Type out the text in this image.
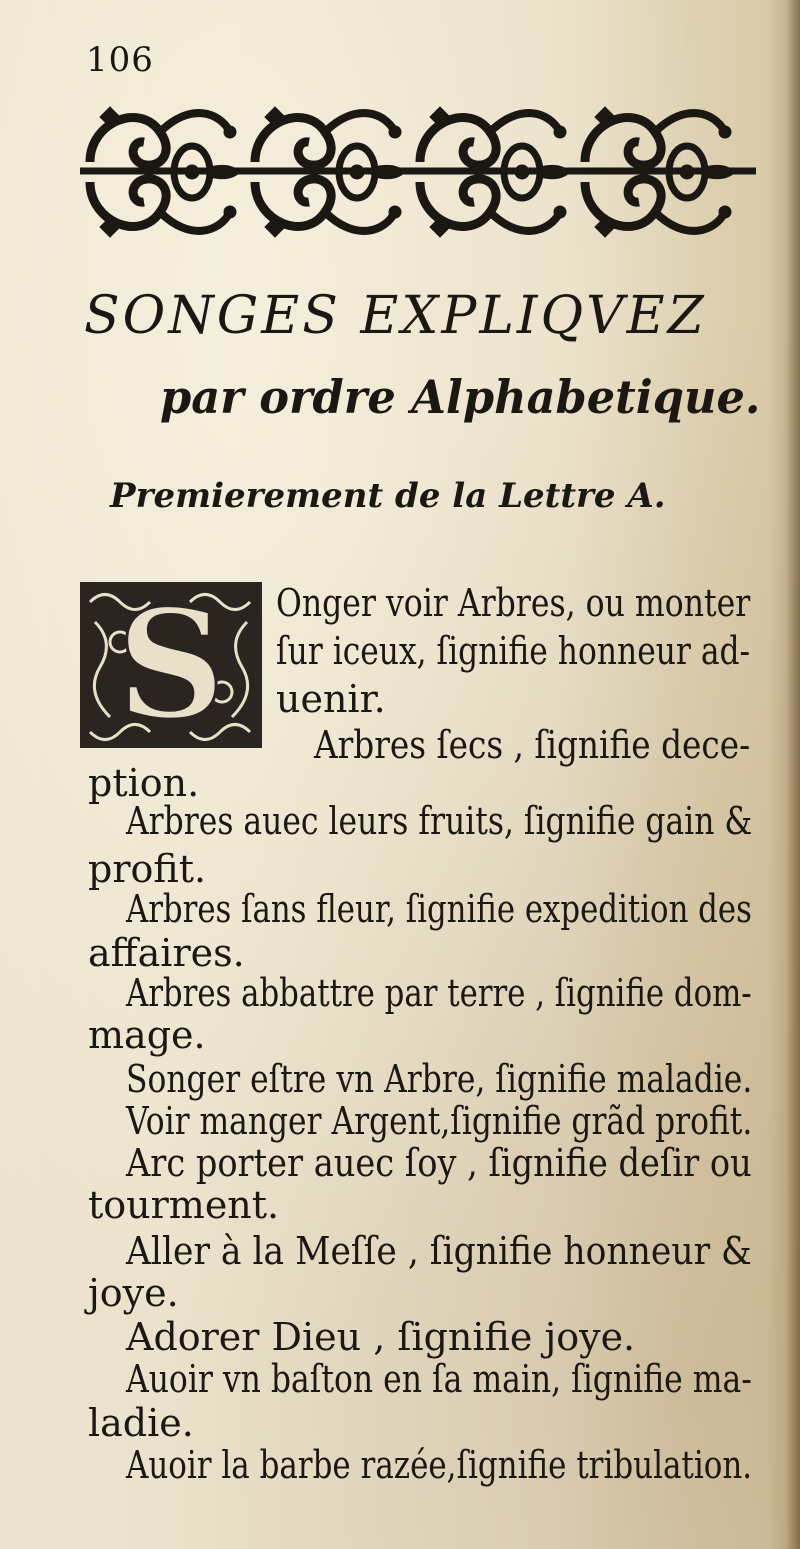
106
SONGES EXPLIQVEZ
par ordre Alphabetique.
Premierement de la Lettre A.
S Onger voir Arbres, ou monter
ſur iceux, ſignifie honneur ad-
uenir.
Arbres ſecs , ſignifie dece-
ption.
Arbres auec leurs fruits, ſignifie gain &
profit.
Arbres ſans fleur, ſignifie expedition des
affaires.
Arbres abbattre par terre , ſignifie dom-
mage.
Songer eſtre vn Arbre, ſignifie maladie.
Voir manger Argent,ſignifie grãd profit.
Arc porter auec ſoy , ſignifie deſir ou
tourment.
Aller à la Meſſe , ſignifie honneur &
joye.
Adorer Dieu , ſignifie joye.
Auoir vn baſton en ſa main, ſignifie ma-
ladie.
Auoir la barbe razée,ſignifie tribulation.
